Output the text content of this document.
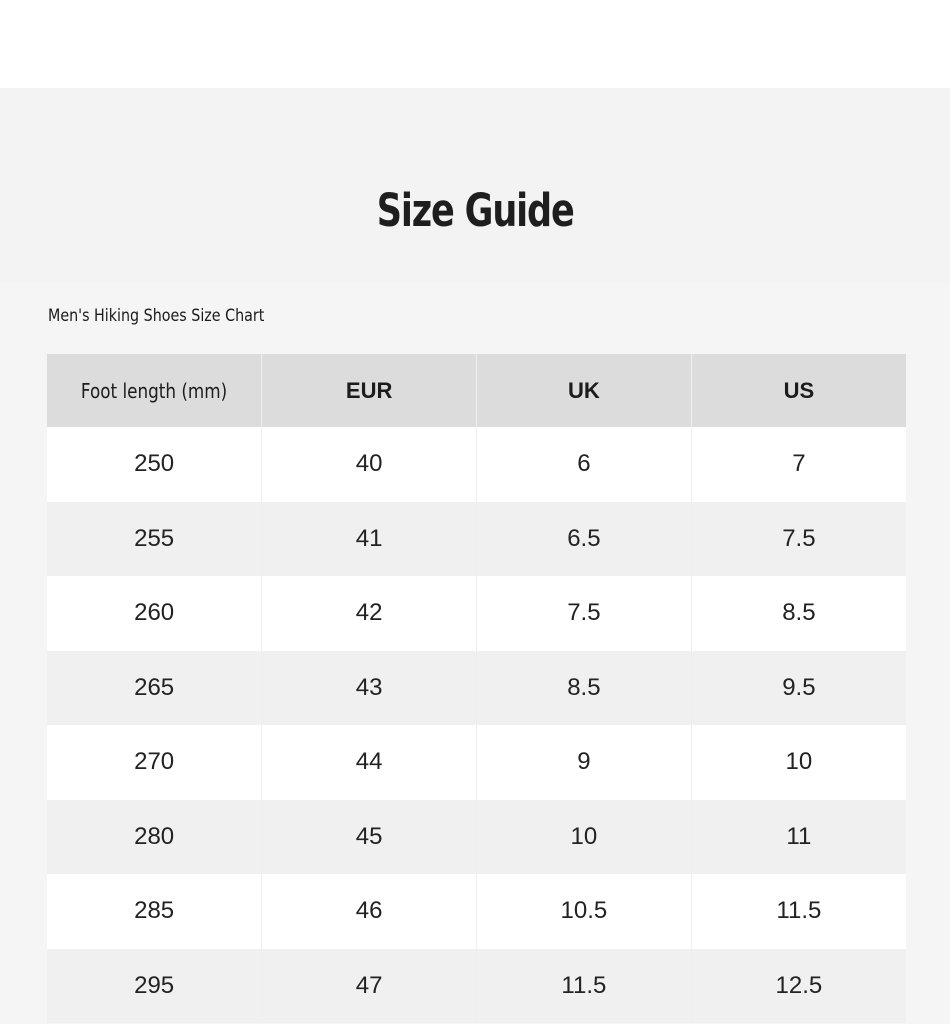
Size Guide
Men's Hiking Shoes Size Chart
Foot length (mm)	EUR	UK	US
250	40	6	7
255	41	6.5	7.5
260	42	7.5	8.5
265	43	8.5	9.5
270	44	9	10
280	45	10	11
285	46	10.5	11.5
295	47	11.5	12.5
